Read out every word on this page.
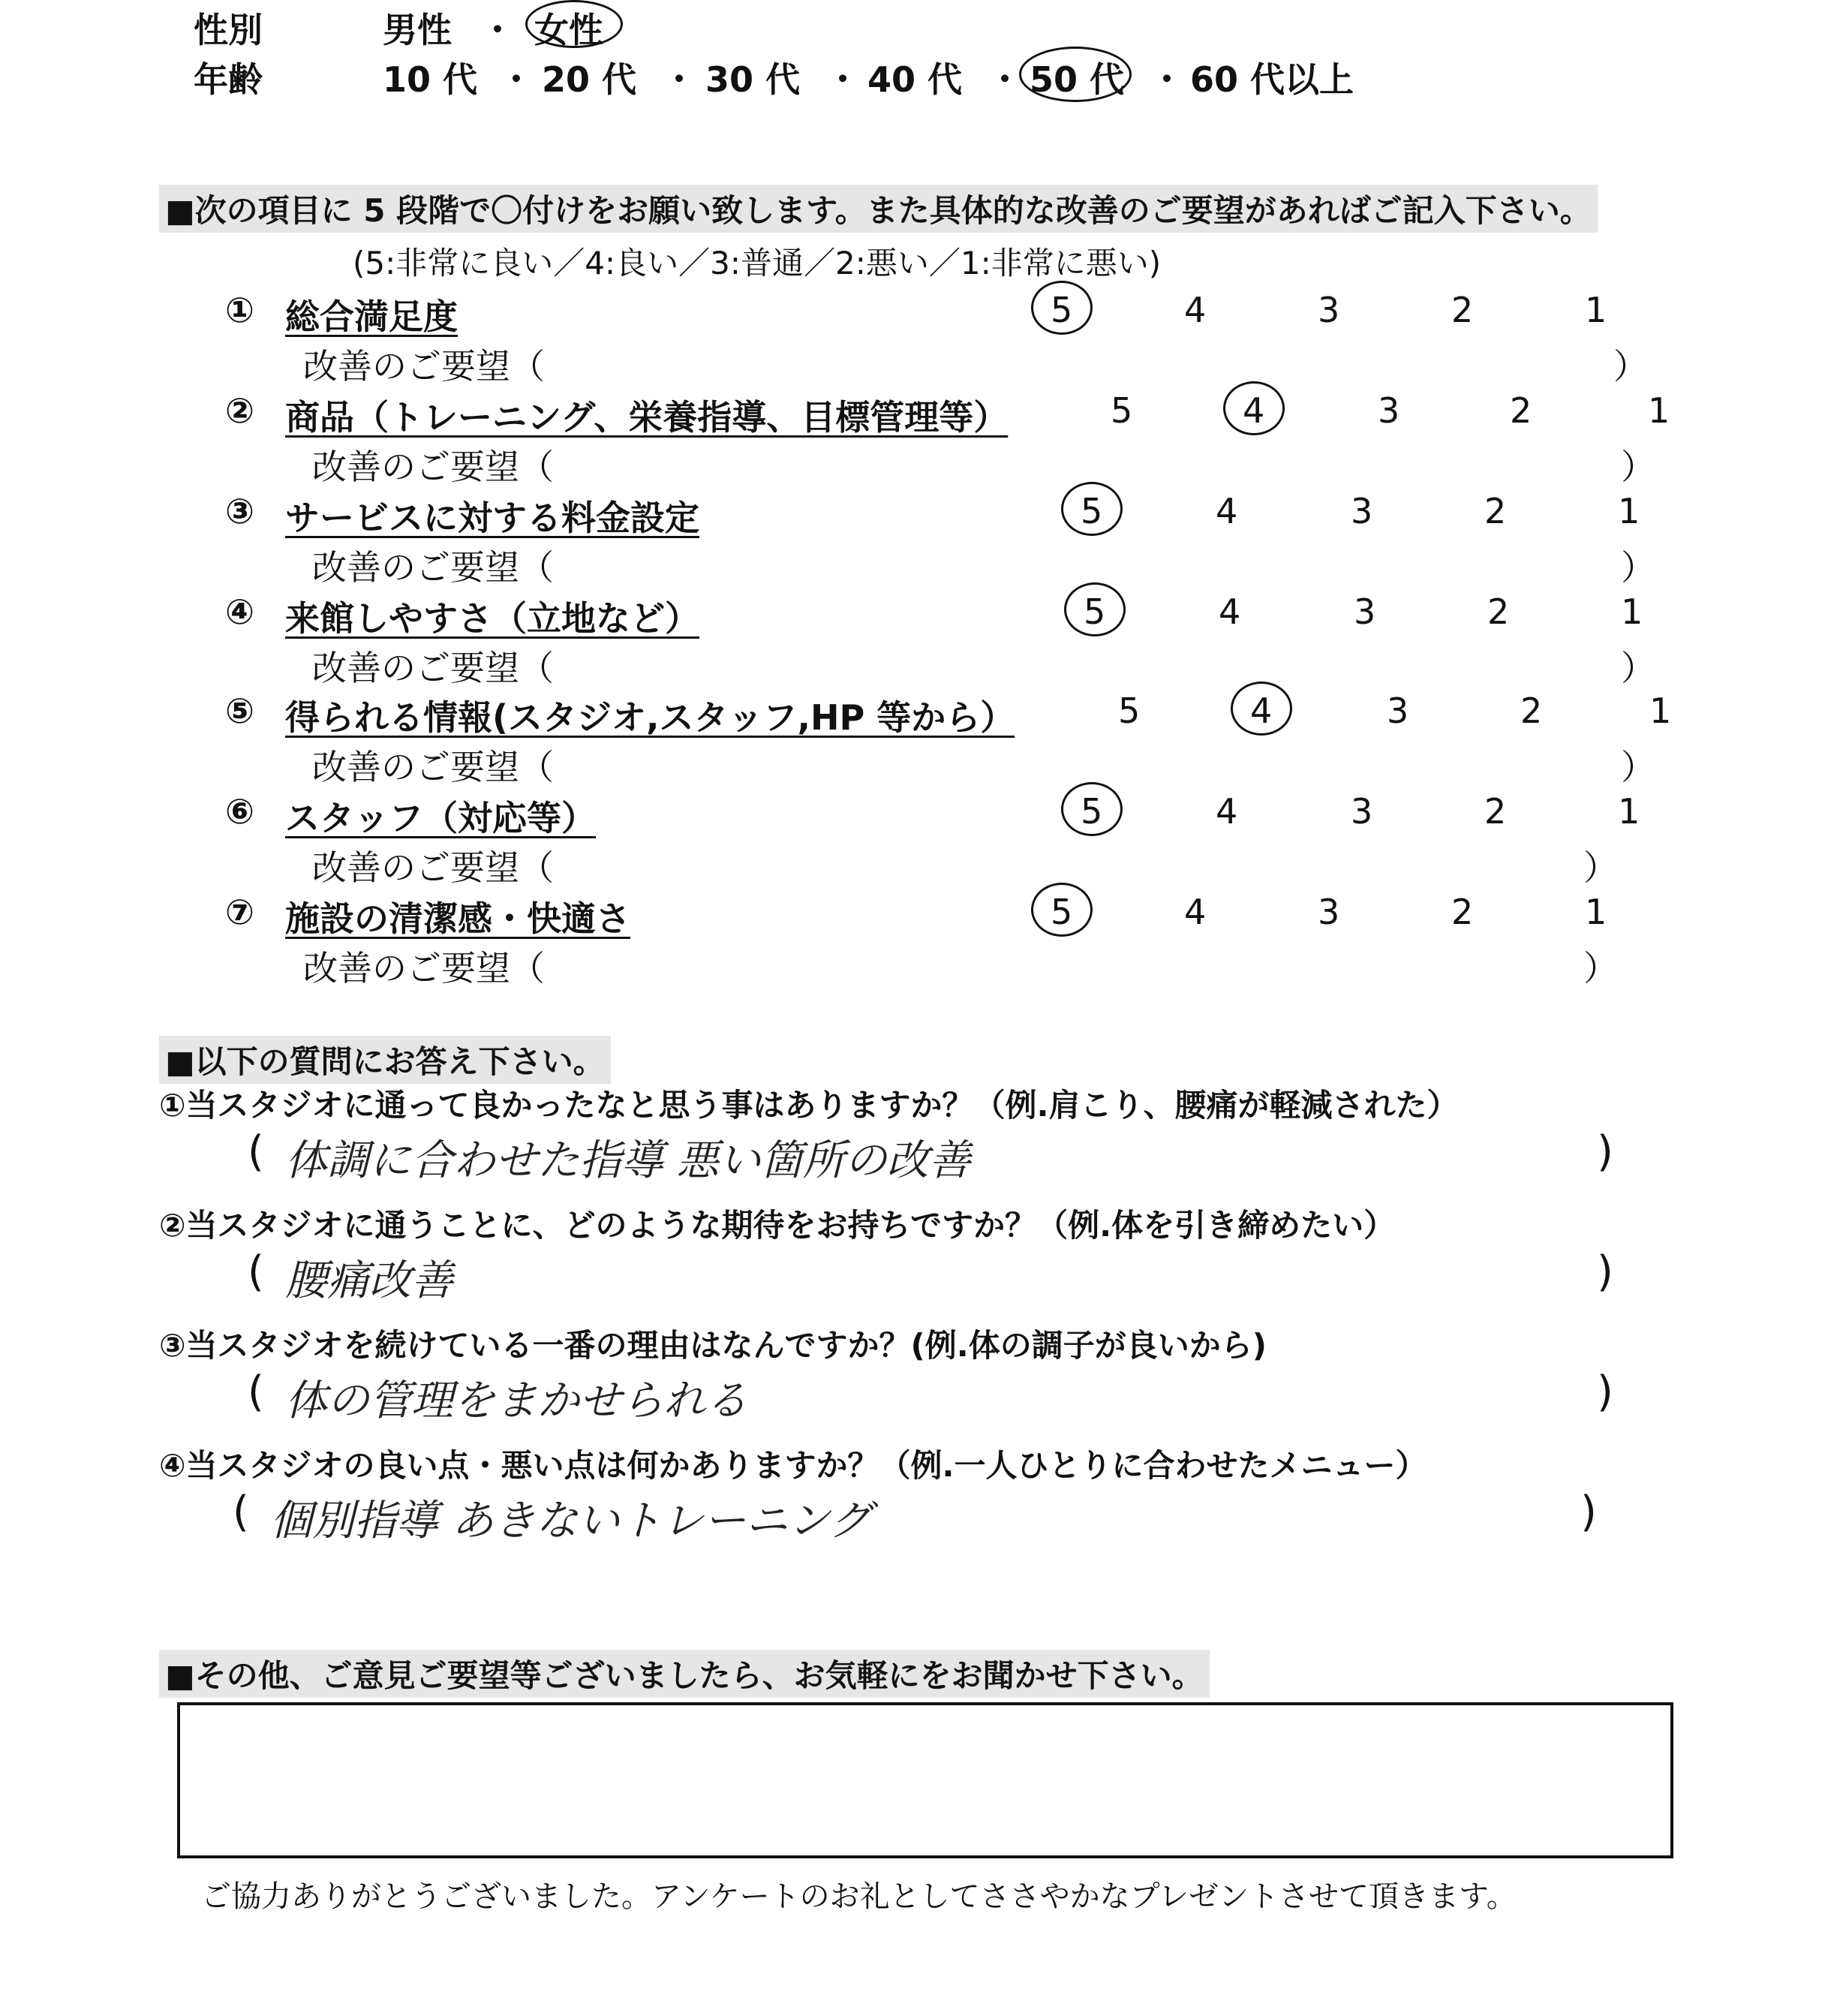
性別	男性 ・ 女性
年齢	10 代 20 代 30 代 40 代 50 代 60 代以上
・	・	・	・	・
■次の項目に 5 段階で〇付けをお願い致します。また具体的な改善のご要望があればご記入下さい。
(5:非常に良い／4:良い／3:普通／2:悪い／1:非常に悪い)
① 総合満足度	5	4	3	2	1
改善のご要望（	）
② 商品（トレーニング、栄養指導、目標管理等）	5	4	3	2	1
改善のご要望（	）
③ サービスに対する料金設定	5	4	3	2	1
改善のご要望（	）
④ 来館しやすさ（立地など）	5	4	3	2	1
改善のご要望（	）
⑤ 得られる情報(スタジオ,スタッフ,HP 等から）	5	4	3	2	1
改善のご要望（	）
⑥ スタッフ（対応等）	5	4	3	2	1
改善のご要望（	）
⑦ 施設の清潔感・快適さ	5	4	3	2	1
改善のご要望（	）
■以下の質問にお答え下さい。
①当スタジオに通って良かったなと思う事はありますか？（例.肩こり、腰痛が軽減された）
( 体調に合わせた指導 悪い箇所の改善	)
②当スタジオに通うことに、どのような期待をお持ちですか？（例.体を引き締めたい）
( 腰痛改善	)
③当スタジオを続けている一番の理由はなんですか？(例.体の調子が良いから)
( 体の管理をまかせられる	)
④当スタジオの良い点・悪い点は何かありますか？（例.一人ひとりに合わせたメニュー）
( 個別指導 あきないトレーニング	)
■その他、ご意見ご要望等ございましたら、お気軽にをお聞かせ下さい。
ご協力ありがとうございました。アンケートのお礼としてささやかなプレゼントさせて頂きます。
